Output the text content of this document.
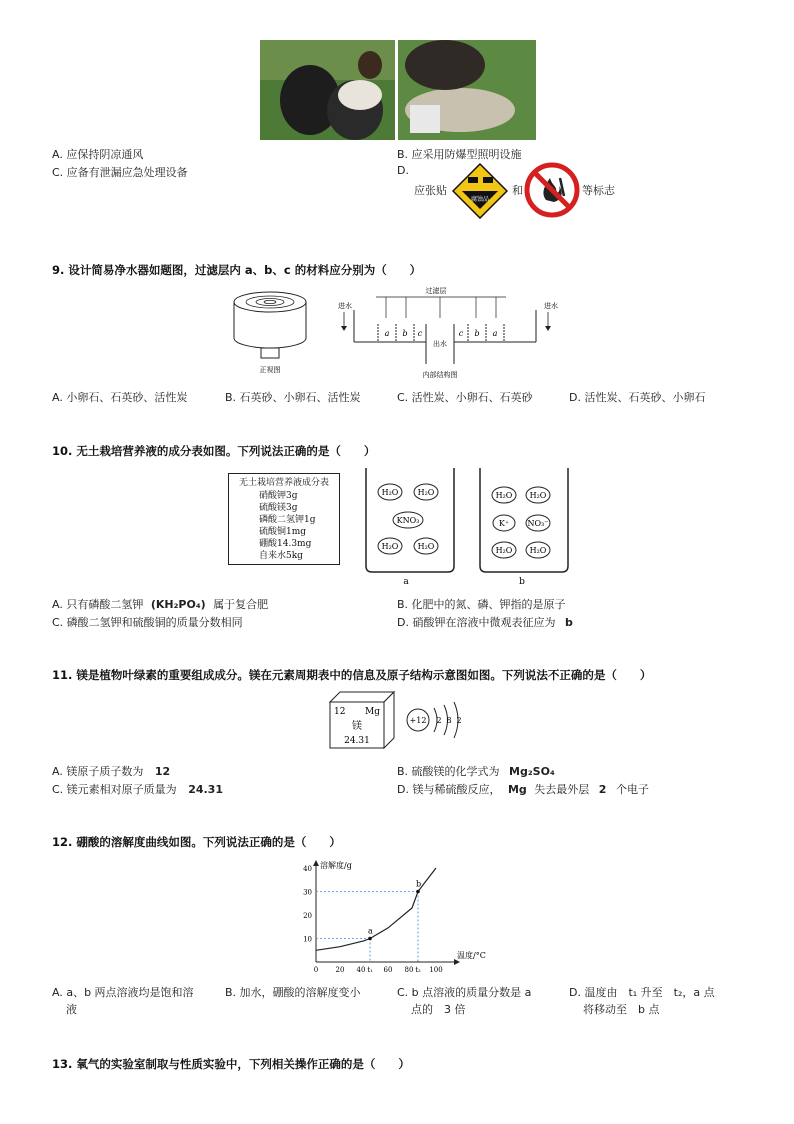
A. 应保持阴凉通风	B. 应采用防爆型照明设施
C. 应备有泄漏应急处理设备	D.
应张贴
腐蚀品
和	等标志
9. 设计简易净水器如题图，过滤层内 a、b、c 的材料应分别为（　　）
正视图
过滤层
进水	进水
a b c	c b a
出水
内部结构图
A. 小卵石、石英砂、活性炭	B. 石英砂、小卵石、活性炭	C. 活性炭、小卵石、石英砂	D. 活性炭、石英砂、小卵石
10. 无土栽培营养液的成分表如图。下列说法正确的是（　　）
无土栽培营养液成分表
硝酸钾3g
硫酸镁3g
磷酸二氢钾1g
硫酸铜1mg
硼酸14.3mg
自来水5kg
H₂O H₂O
KNO₃
H₂O H₂O
a
H₂O H₂O
K⁺ NO₃⁻
H₂O H₂O
b
A. 只有磷酸二氢钾 (KH₂PO₄) 属于复合肥	B. 化肥中的氮、磷、钾指的是原子
C. 磷酸二氢钾和硫酸铜的质量分数相同	D. 硝酸钾在溶液中微观表征应为 b
11. 镁是植物叶绿素的重要组成成分。镁在元素周期表中的信息及原子结构示意图如图。下列说法不正确的是（　　）
12 Mg
镁
24.31
+12 2 8 2
A. 镁原子质子数为 12	B. 硫酸镁的化学式为 Mg₂SO₄
C. 镁元素相对原子质量为 24.31	D. 镁与稀硫酸反应， Mg 失去最外层 2 个电子
12. 硼酸的溶解度曲线如图。下列说法正确的是（　　）
溶解度/g
温度/°C
0 20 40 t₁ 60 80 t₂ 100
10
20
30
40
a
b
A. a、b 两点溶液均是饱和溶
液
B. 加水，硼酸的溶解度变小	C. b 点溶液的质量分数是 a
点的　3 倍
D. 温度由　t₁ 升至　t₂，a 点
将移动至　b 点
13. 氧气的实验室制取与性质实验中，下列相关操作正确的是（　　）
